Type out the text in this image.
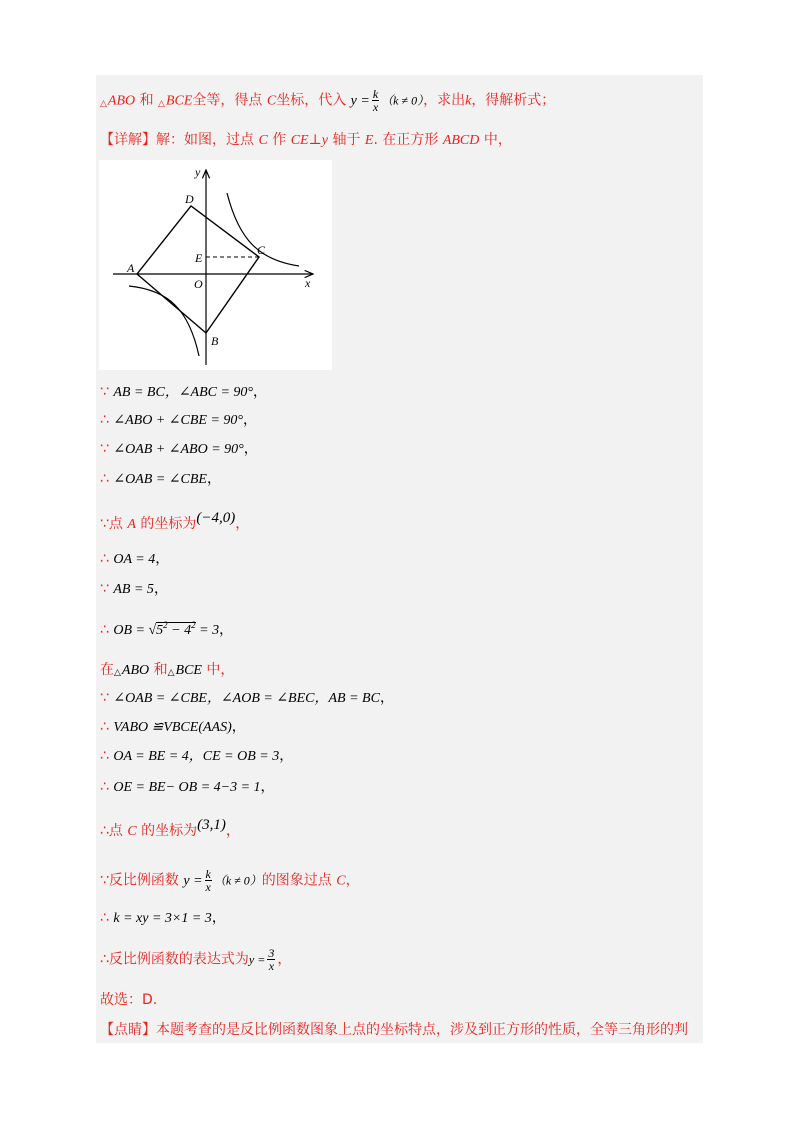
△ABO 和 △BCE全等，得点 C坐标，代入 $y = \frac{k}{x} (k \ne 0)$，求出k，得解析式；
【详解】解：如图，过点 C 作 CE⊥y 轴于 E. 在正方形 ABCD 中，
y
x
D
C
E
A
O
B
∵ AB = BC，∠ABC = 90°，
∴ ∠ABO + ∠CBE = 90°，
∵ ∠OAB + ∠ABO = 90°，
∴ ∠OAB = ∠CBE，
∵点 A 的坐标为(−4,0)，
∴ OA = 4，
∵ AB = 5，
∴ OB = $√5^2 - 4^2 = 3$，
在△ABO 和△BCE 中，
∵ ∠OAB = ∠CBE，∠AOB = ∠BEC，AB = BC，
∴ VABO ≌VBCE(AAS)，
∴ OA = BE = 4，CE = OB = 3，
∴ OE = BE− OB = 4−3 = 1，
∴点 C 的坐标为(3,1)，
∵反比例函数 $y = \frac{k}{x} (k \ne 0)$的图象过点 C，
∴ k = xy = 3×1 = 3，
∴反比例函数的表达式为$y = \frac{3}{x}$ ，
故选：D.
【点睛】本题考查的是反比例函数图象上点的坐标特点，涉及到正方形的性质，全等三角形的判
